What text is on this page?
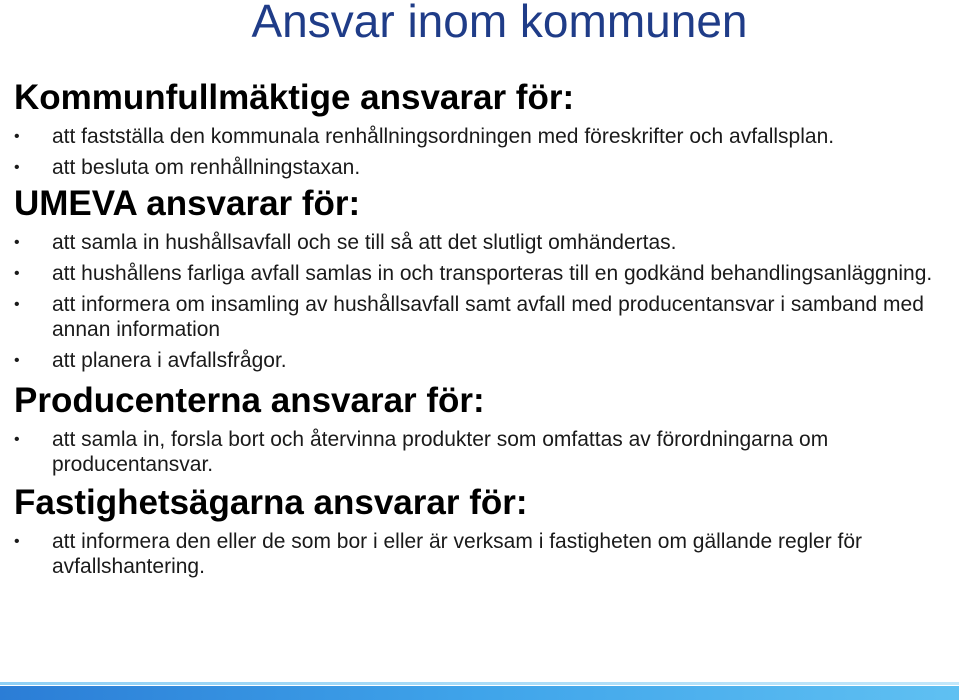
Ansvar inom kommunen
Kommunfullmäktige ansvarar för:
•	att fastställa den kommunala renhållningsordningen med föreskrifter och avfallsplan.
•	att besluta om renhållningstaxan.
UMEVA ansvarar för:
•	att samla in hushållsavfall och se till så att det slutligt omhändertas.
•	att hushållens farliga avfall samlas in och transporteras till en godkänd behandlingsanläggning.
•	att informera om insamling av hushållsavfall samt avfall med producentansvar i samband med annan information
•	att planera i avfallsfrågor.
Producenterna ansvarar för:
•	att samla in, forsla bort och återvinna produkter som omfattas av förordningarna om producentansvar.
Fastighetsägarna ansvarar för:
•	att informera den eller de som bor i eller är verksam i fastigheten om gällande regler för avfallshantering.
